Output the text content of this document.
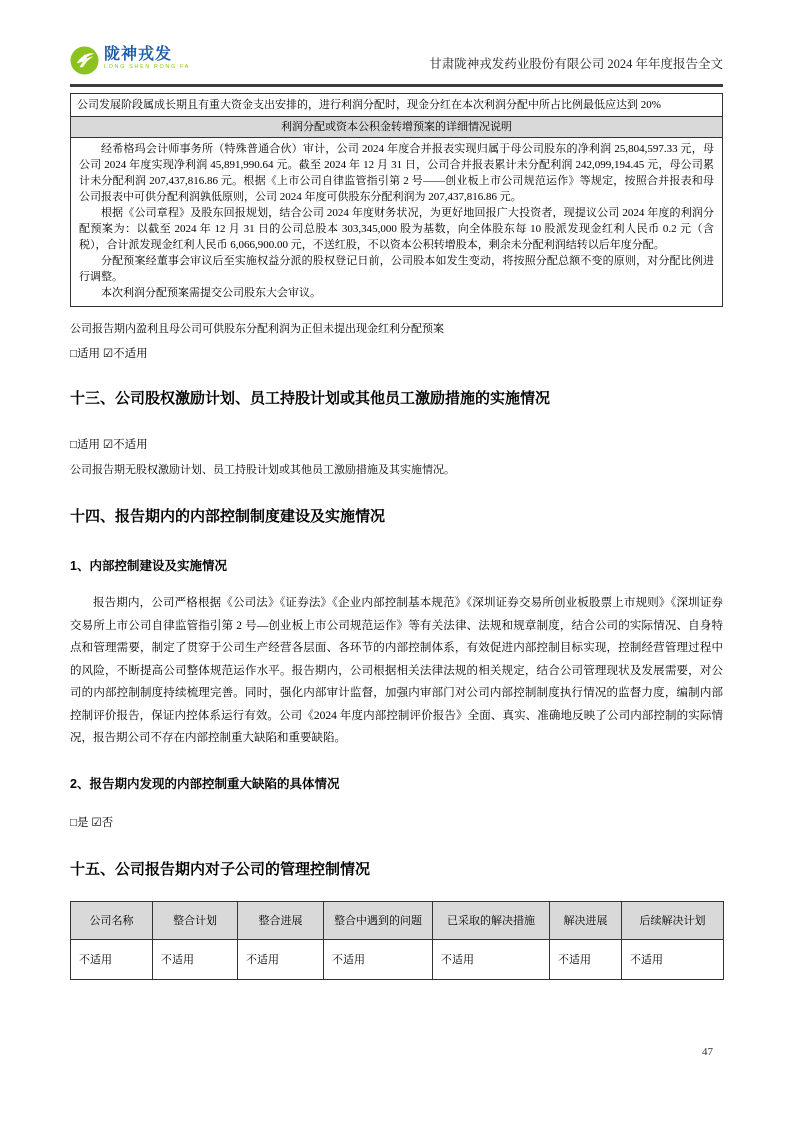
陇神戎发
LONG SHEN RONG FA	甘肃陇神戎发药业股份有限公司 2024 年年度报告全文
公司发展阶段属成长期且有重大资金支出安排的，进行利润分配时，现金分红在本次利润分配中所占比例最低应达到 20%
利润分配或资本公积金转增预案的详细情况说明

经希格玛会计师事务所（特殊普通合伙）审计，公司 2024 年度合并报表实现归属于母公司股东的净利润 25,804,597.33 元，母公司 2024 年度实现净利润 45,891,990.64 元。截至 2024 年 12 月 31 日，公司合并报表累计未分配利润 242,099,194.45 元，母公司累计未分配利润 207,437,816.86 元。根据《上市公司自律监管指引第 2 号——创业板上市公司规范运作》等规定，按照合并报表和母公司报表中可供分配利润孰低原则，公司 2024 年度可供股东分配利润为 207,437,816.86 元。

根据《公司章程》及股东回报规划，结合公司 2024 年度财务状况，为更好地回报广大投资者，现提议公司 2024 年度的利润分配预案为：以截至 2024 年 12 月 31 日的公司总股本 303,345,000 股为基数，向全体股东每 10 股派发现金红利人民币 0.2 元（含税），合计派发现金红利人民币 6,066,900.00 元，不送红股，不以资本公积转增股本，剩余未分配利润结转以后年度分配。

分配预案经董事会审议后至实施权益分派的股权登记日前，公司股本如发生变动，将按照分配总额不变的原则，对分配比例进行调整。

本次利润分配预案需提交公司股东大会审议。

公司报告期内盈利且母公司可供股东分配利润为正但未提出现金红利分配预案

□适用 ☑不适用

十三、公司股权激励计划、员工持股计划或其他员工激励措施的实施情况

□适用 ☑不适用

公司报告期无股权激励计划、员工持股计划或其他员工激励措施及其实施情况。

十四、报告期内的内部控制制度建设及实施情况
1、内部控制建设及实施情况

报告期内，公司严格根据《公司法》《证券法》《企业内部控制基本规范》《深圳证券交易所创业板股票上市规则》《深圳证券交易所上市公司自律监管指引第 2 号—创业板上市公司规范运作》等有关法律、法规和规章制度，结合公司的实际情况、自身特点和管理需要，制定了贯穿于公司生产经营各层面、各环节的内部控制体系，有效促进内部控制目标实现，控制经营管理过程中的风险，不断提高公司整体规范运作水平。报告期内，公司根据相关法律法规的相关规定，结合公司管理现状及发展需要，对公司的内部控制制度持续梳理完善。同时，强化内部审计监督，加强内审部门对公司内部控制制度执行情况的监督力度，编制内部控制评价报告，保证内控体系运行有效。公司《2024 年度内部控制评价报告》全面、真实、准确地反映了公司内部控制的实际情况，报告期公司不存在内部控制重大缺陷和重要缺陷。

2、报告期内发现的内部控制重大缺陷的具体情况

□是 ☑否

十五、公司报告期内对子公司的管理控制情况
公司名称	整合计划	整合进展	整合中遇到的问题	已采取的解决措施	解决进展	后续解决计划
不适用	不适用	不适用	不适用	不适用	不适用	不适用
47
